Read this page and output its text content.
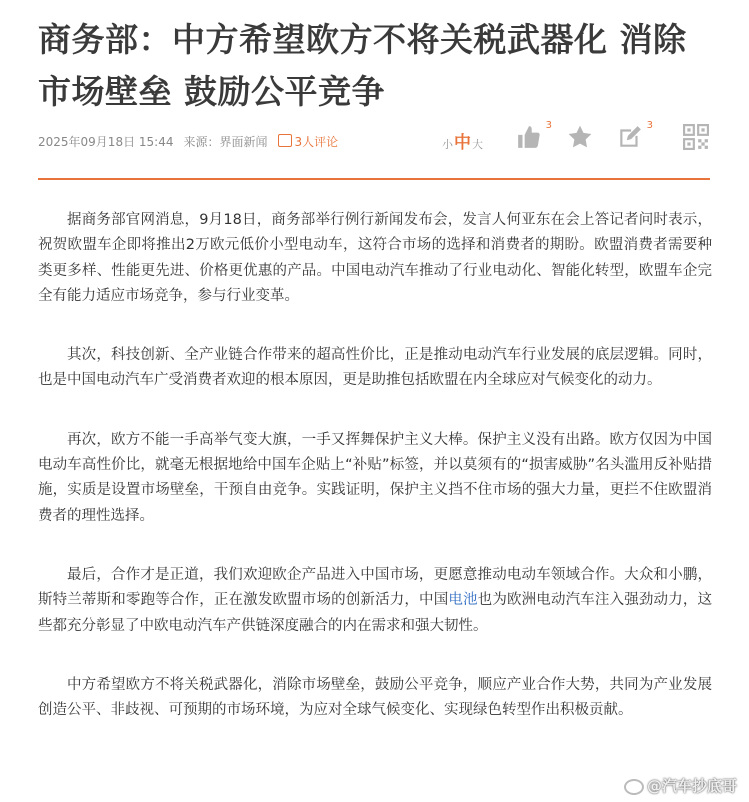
商务部：中方希望欧方不将关税武器化 消除市场壁垒 鼓励公平竞争
2025年09月18日 15:44 来源：界面新闻	3人评论	小 中 大
3	3

据商务部官网消息，9月18日，商务部举行例行新闻发布会，发言人何亚东在会上答记者问时表示，祝贺欧盟车企即将推出2万欧元低价小型电动车，这符合市场的选择和消费者的期盼。欧盟消费者需要种类更多样、性能更先进、价格更优惠的产品。中国电动汽车推动了行业电动化、智能化转型，欧盟车企完全有能力适应市场竞争，参与行业变革。

其次，科技创新、全产业链合作带来的超高性价比，正是推动电动汽车行业发展的底层逻辑。同时，也是中国电动汽车广受消费者欢迎的根本原因，更是助推包括欧盟在内全球应对气候变化的动力。

再次，欧方不能一手高举气变大旗，一手又挥舞保护主义大棒。保护主义没有出路。欧方仅因为中国电动车高性价比，就毫无根据地给中国车企贴上“补贴”标签，并以莫须有的“损害威胁”名头滥用反补贴措施，实质是设置市场壁垒，干预自由竞争。实践证明，保护主义挡不住市场的强大力量，更拦不住欧盟消费者的理性选择。

最后，合作才是正道，我们欢迎欧企产品进入中国市场，更愿意推动电动车领域合作。大众和小鹏，斯特兰蒂斯和零跑等合作，正在激发欧盟市场的创新活力，中国电池也为欧洲电动汽车注入强劲动力，这些都充分彰显了中欧电动汽车产供链深度融合的内在需求和强大韧性。

中方希望欧方不将关税武器化，消除市场壁垒，鼓励公平竞争，顺应产业合作大势，共同为产业发展创造公平、非歧视、可预期的市场环境，为应对全球气候变化、实现绿色转型作出积极贡献。

@汽车抄底哥
